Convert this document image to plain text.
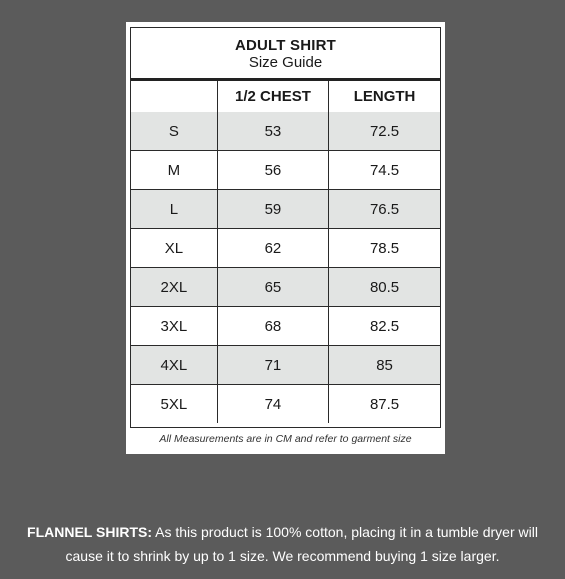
ADULT SHIRT
Size Guide
	1/2 CHEST	LENGTH
S	53	72.5
M	56	74.5
L	59	76.5
XL	62	78.5
2XL	65	80.5
3XL	68	82.5
4XL	71	85
5XL	74	87.5
All Measurements are in CM and refer to garment size
FLANNEL SHIRTS: As this product is 100% cotton, placing it in a tumble dryer will
cause it to shrink by up to 1 size. We recommend buying 1 size larger.
